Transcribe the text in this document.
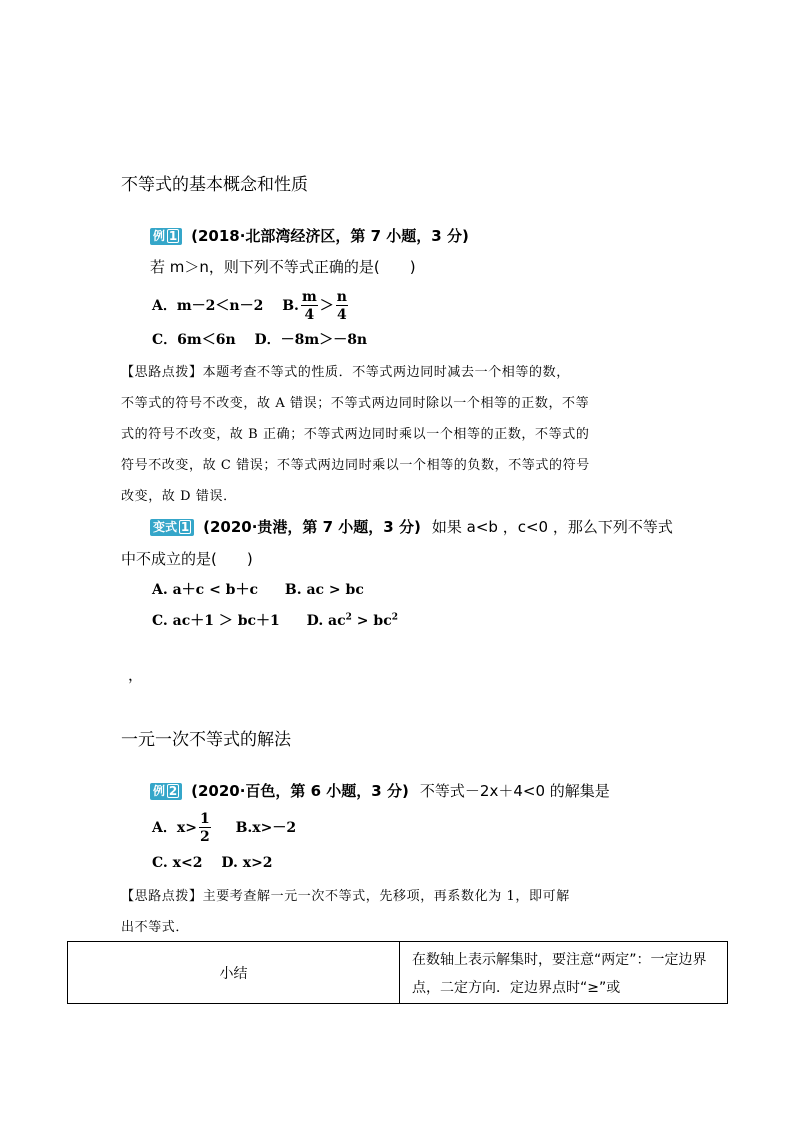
不等式的基本概念和性质
例 1 (2018·北部湾经济区，第 7 小题，3 分)
若 m＞n，则下列不等式正确的是(　　)
A．m－2＜n－2 B. $\frac{m}{4} > \frac{n}{4}$
C．6m＜6n D．－8m＞－8n
【思路点拨】本题考查不等式的性质．不等式两边同时减去一个相等的数，
不等式的符号不改变，故 A 错误；不等式两边同时除以一个相等的正数，不等
式的符号不改变，故 B 正确；不等式两边同时乘以一个相等的正数，不等式的
符号不改变，故 C 错误；不等式两边同时乘以一个相等的负数，不等式的符号
改变，故 D 错误．
变式 1 (2020·贵港，第 7 小题，3 分) 如果 a<b ，c<0 ，那么下列不等式
中不成立的是(　　)
A. a＋c < b＋c B. ac > bc
C. ac＋1 ＞ bc＋1 D. $ac^2 > bc^2$
，
一元一次不等式的解法
例 2 (2020·百色，第 6 小题，3 分) 不等式－2x＋4<0 的解集是
A．$x> \frac{1}{2} B.x>-2$
C. x<2 D. x>2
【思路点拨】主要考查解一元一次不等式，先移项，再系数化为 1，即可解
出不等式．
小结	在数轴上表示解集时，要注意“两定”：一定边界点，二定方向．定边界点时“≥”或
